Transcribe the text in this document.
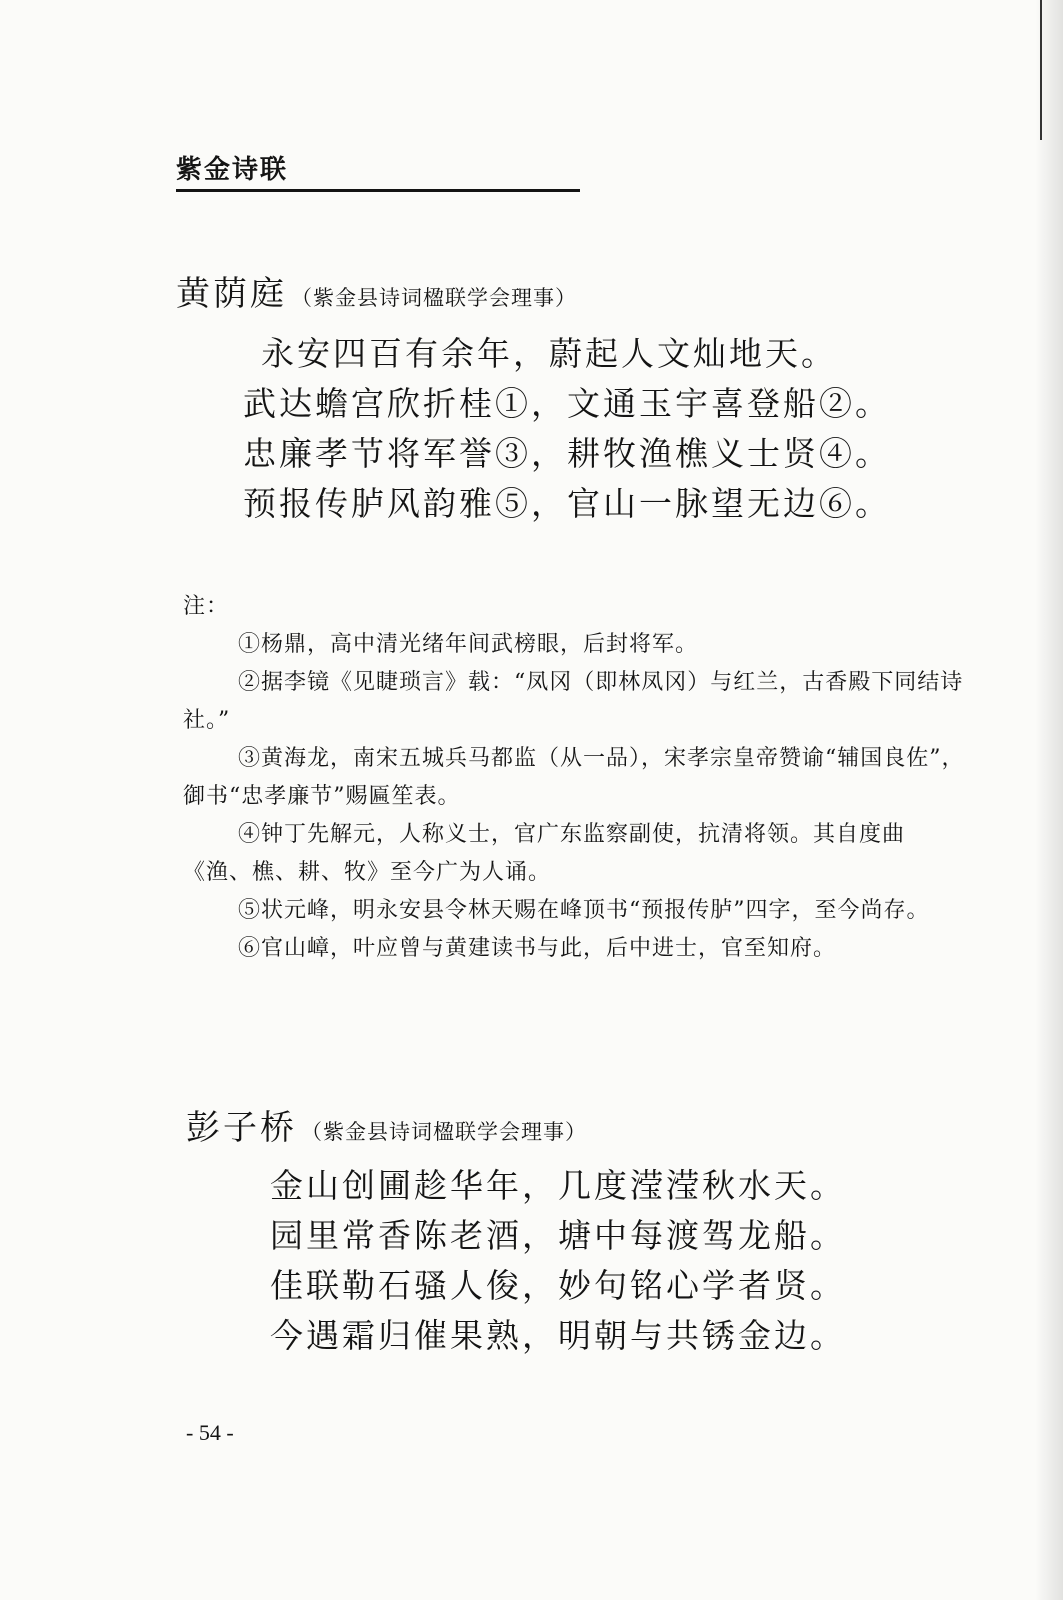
紫金诗联
黄荫庭 （紫金县诗词楹联学会理事）
永安四百有余年，蔚起人文灿地天。
武达蟾宫欣折桂①，文通玉宇喜登船②。
忠廉孝节将军誉③，耕牧渔樵义士贤④。
预报传胪风韵雅⑤，官山一脉望无边⑥。
注：
①杨鼎，高中清光绪年间武榜眼，后封将军。
②据李镜《见睫琐言》载：“凤冈（即林凤冈）与红兰，古香殿下同结诗社。”
③黄海龙，南宋五城兵马都监（从一品），宋孝宗皇帝赞谕“辅国良佐”，御书“忠孝廉节”赐匾笙表。
④钟丁先解元，人称义士，官广东监察副使，抗清将领。其自度曲《渔、樵、耕、牧》至今广为人诵。
⑤状元峰，明永安县令林天赐在峰顶书“预报传胪”四字，至今尚存。
⑥官山嶂，叶应曾与黄建读书与此，后中进士，官至知府。
彭子桥 （紫金县诗词楹联学会理事）
金山创圃趁华年，几度滢滢秋水天。
园里常香陈老酒，塘中每渡驾龙船。
佳联勒石骚人俊，妙句铭心学者贤。
今遇霜归催果熟，明朝与共锈金边。
- 54 -
